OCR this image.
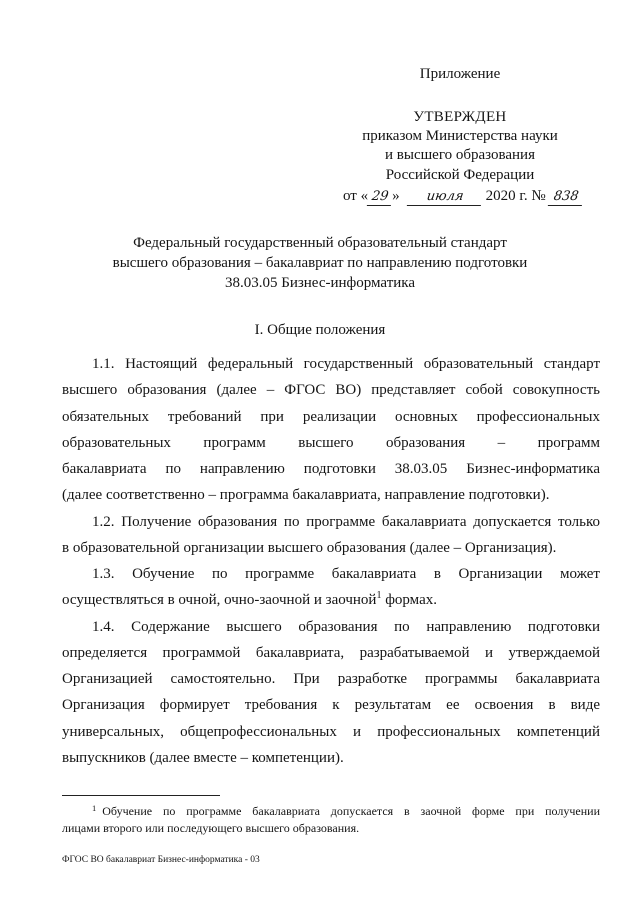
Приложение
УТВЕРЖДЕН
приказом Министерства науки
и высшего образования
Российской Федерации
от « 29 » июля 2020 г. № 838
Федеральный государственный образовательный стандарт
высшего образования – бакалавриат по направлению подготовки
38.03.05 Бизнес-информатика
I. Общие положения
1.1. Настоящий федеральный государственный образовательный стандарт
высшего образования (далее – ФГОС ВО) представляет собой совокупность
обязательных требований при реализации основных профессиональных
образовательных программ высшего образования – программ
бакалавриата по направлению подготовки 38.03.05 Бизнес-информатика
(далее соответственно – программа бакалавриата, направление подготовки).
1.2. Получение образования по программе бакалавриата допускается только
в образовательной организации высшего образования (далее – Организация).
1.3. Обучение по программе бакалавриата в Организации может
осуществляться в очной, очно-заочной и заочной$^1$ формах.
1.4. Содержание высшего образования по направлению подготовки
определяется программой бакалавриата, разрабатываемой и утверждаемой
Организацией самостоятельно. При разработке программы бакалавриата
Организация формирует требования к результатам ее освоения в виде
универсальных, общепрофессиональных и профессиональных компетенций
выпускников (далее вместе – компетенции).
$^1$ Обучение по программе бакалавриата допускается в заочной форме при получении
лицами второго или последующего высшего образования.
ФГОС ВО бакалавриат Бизнес-информатика - 03
